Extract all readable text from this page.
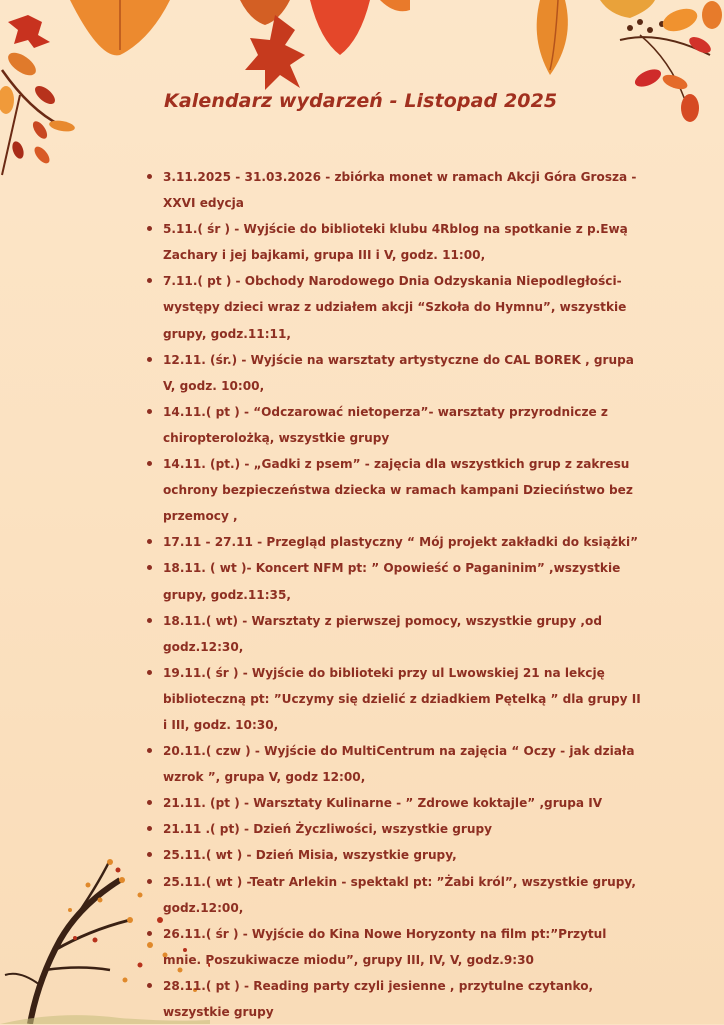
Kalendarz wydarzeń - Listopad 2025
3.11.2025 - 31.03.2026 - zbiórka monet w ramach Akcji Góra Grosza - XXVI edycja
5.11.( śr ) - Wyjście do biblioteki klubu 4Rblog na spotkanie z p.Ewą Zachary i jej bajkami, grupa III i V, godz. 11:00,
7.11.( pt ) - Obchody Narodowego Dnia Odzyskania Niepodległości- występy dzieci wraz z udziałem akcji “Szkoła do Hymnu”, wszystkie grupy, godz.11:11,
12.11. (śr.) - Wyjście na warsztaty artystyczne do CAL BOREK , grupa V, godz. 10:00,
14.11.( pt ) - “Odczarować nietoperza”- warsztaty przyrodnicze z chiropterolożką, wszystkie grupy
14.11. (pt.) - „Gadki z psem” - zajęcia dla wszystkich grup z zakresu ochrony bezpieczeństwa dziecka w ramach kampani Dzieciństwo bez przemocy ,
17.11 - 27.11 - Przegląd plastyczny “ Mój projekt zakładki do książki”
18.11. ( wt )- Koncert NFM pt: ” Opowieść o Paganinim” ,wszystkie grupy, godz.11:35,
18.11.( wt) - Warsztaty z pierwszej pomocy, wszystkie grupy ,od godz.12:30,
19.11.( śr ) - Wyjście do biblioteki przy ul Lwowskiej 21 na lekcję biblioteczną pt: ”Uczymy się dzielić z dziadkiem Pętelką ” dla grupy II i III, godz. 10:30,
20.11.( czw ) - Wyjście do MultiCentrum na zajęcia “ Oczy - jak działa wzrok ”, grupa V, godz 12:00,
21.11. (pt ) - Warsztaty Kulinarne - ” Zdrowe koktajle” ,grupa IV
21.11 .( pt) - Dzień Życzliwości, wszystkie grupy
25.11.( wt ) - Dzień Misia, wszystkie grupy,
25.11.( wt ) -Teatr Arlekin - spektakl pt: ”Żabi król”, wszystkie grupy, godz.12:00,
26.11.( śr ) - Wyjście do Kina Nowe Horyzonty na film pt:”Przytul mnie. Poszukiwacze miodu”, grupy III, IV, V, godz.9:30
28.11.( pt ) - Reading party czyli jesienne , przytulne czytanko, wszystkie grupy
